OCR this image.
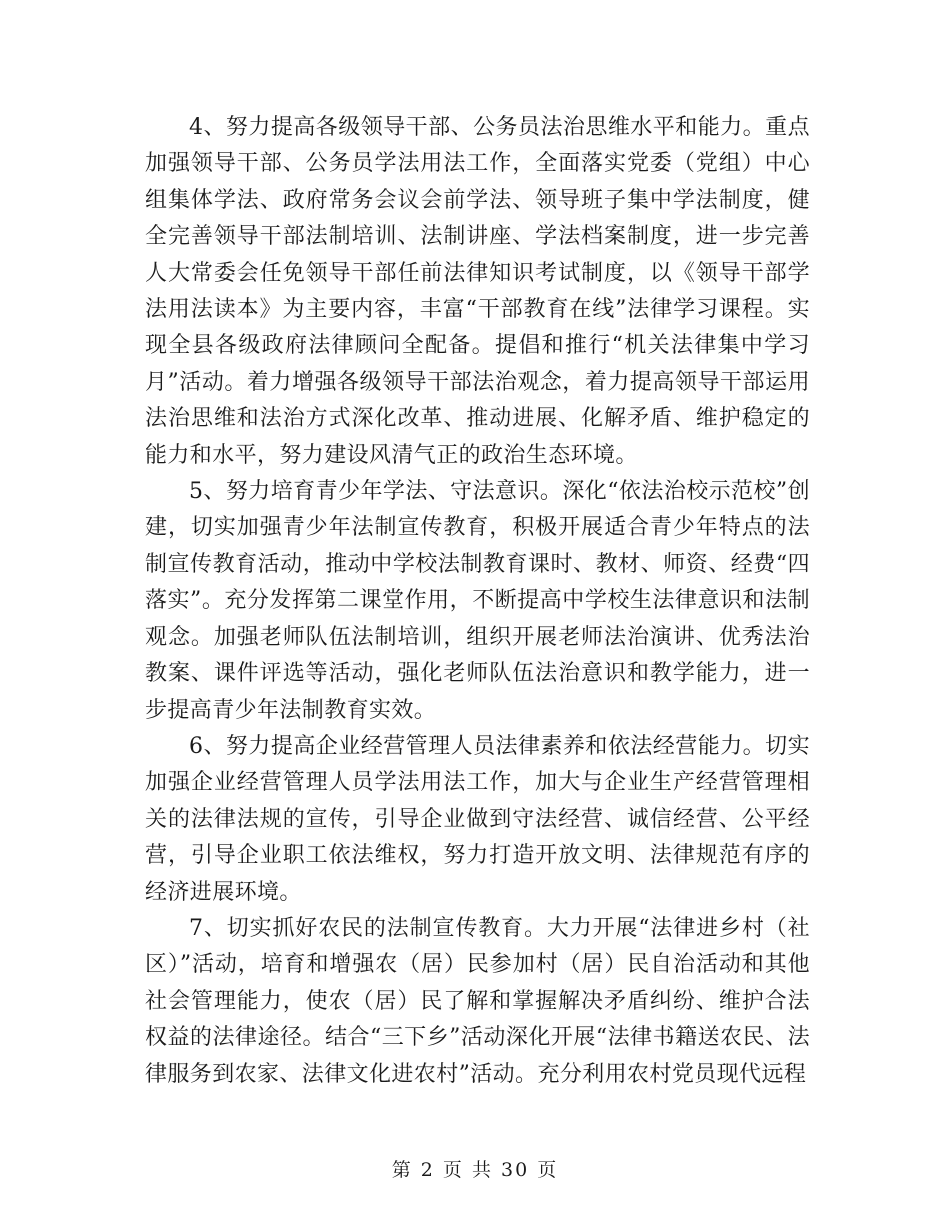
4、努力提高各级领导干部、公务员法治思维水平和能力。重点加强领导干部、公务员学法用法工作，全面落实党委（党组）中心组集体学法、政府常务会议会前学法、领导班子集中学法制度，健全完善领导干部法制培训、法制讲座、学法档案制度，进一步完善人大常委会任免领导干部任前法律知识考试制度，以《领导干部学法用法读本》为主要内容，丰富“干部教育在线”法律学习课程。实现全县各级政府法律顾问全配备。提倡和推行“机关法律集中学习月”活动。着力增强各级领导干部法治观念，着力提高领导干部运用法治思维和法治方式深化改革、推动进展、化解矛盾、维护稳定的能力和水平，努力建设风清气正的政治生态环境。

5、努力培育青少年学法、守法意识。深化“依法治校示范校”创建，切实加强青少年法制宣传教育，积极开展适合青少年特点的法制宣传教育活动，推动中学校法制教育课时、教材、师资、经费“四落实”。充分发挥第二课堂作用，不断提高中学校生法律意识和法制观念。加强老师队伍法制培训，组织开展老师法治演讲、优秀法治教案、课件评选等活动，强化老师队伍法治意识和教学能力，进一步提高青少年法制教育实效。

6、努力提高企业经营管理人员法律素养和依法经营能力。切实加强企业经营管理人员学法用法工作，加大与企业生产经营管理相关的法律法规的宣传，引导企业做到守法经营、诚信经营、公平经营，引导企业职工依法维权，努力打造开放文明、法律规范有序的经济进展环境。

7、切实抓好农民的法制宣传教育。大力开展“法律进乡村（社区）”活动，培育和增强农（居）民参加村（居）民自治活动和其他社会管理能力，使农（居）民了解和掌握解决矛盾纠纷、维护合法权益的法律途径。结合“三下乡”活动深化开展“法律书籍送农民、法律服务到农家、法律文化进农村”活动。充分利用农村党员现代远程

第 2 页 共 30 页
